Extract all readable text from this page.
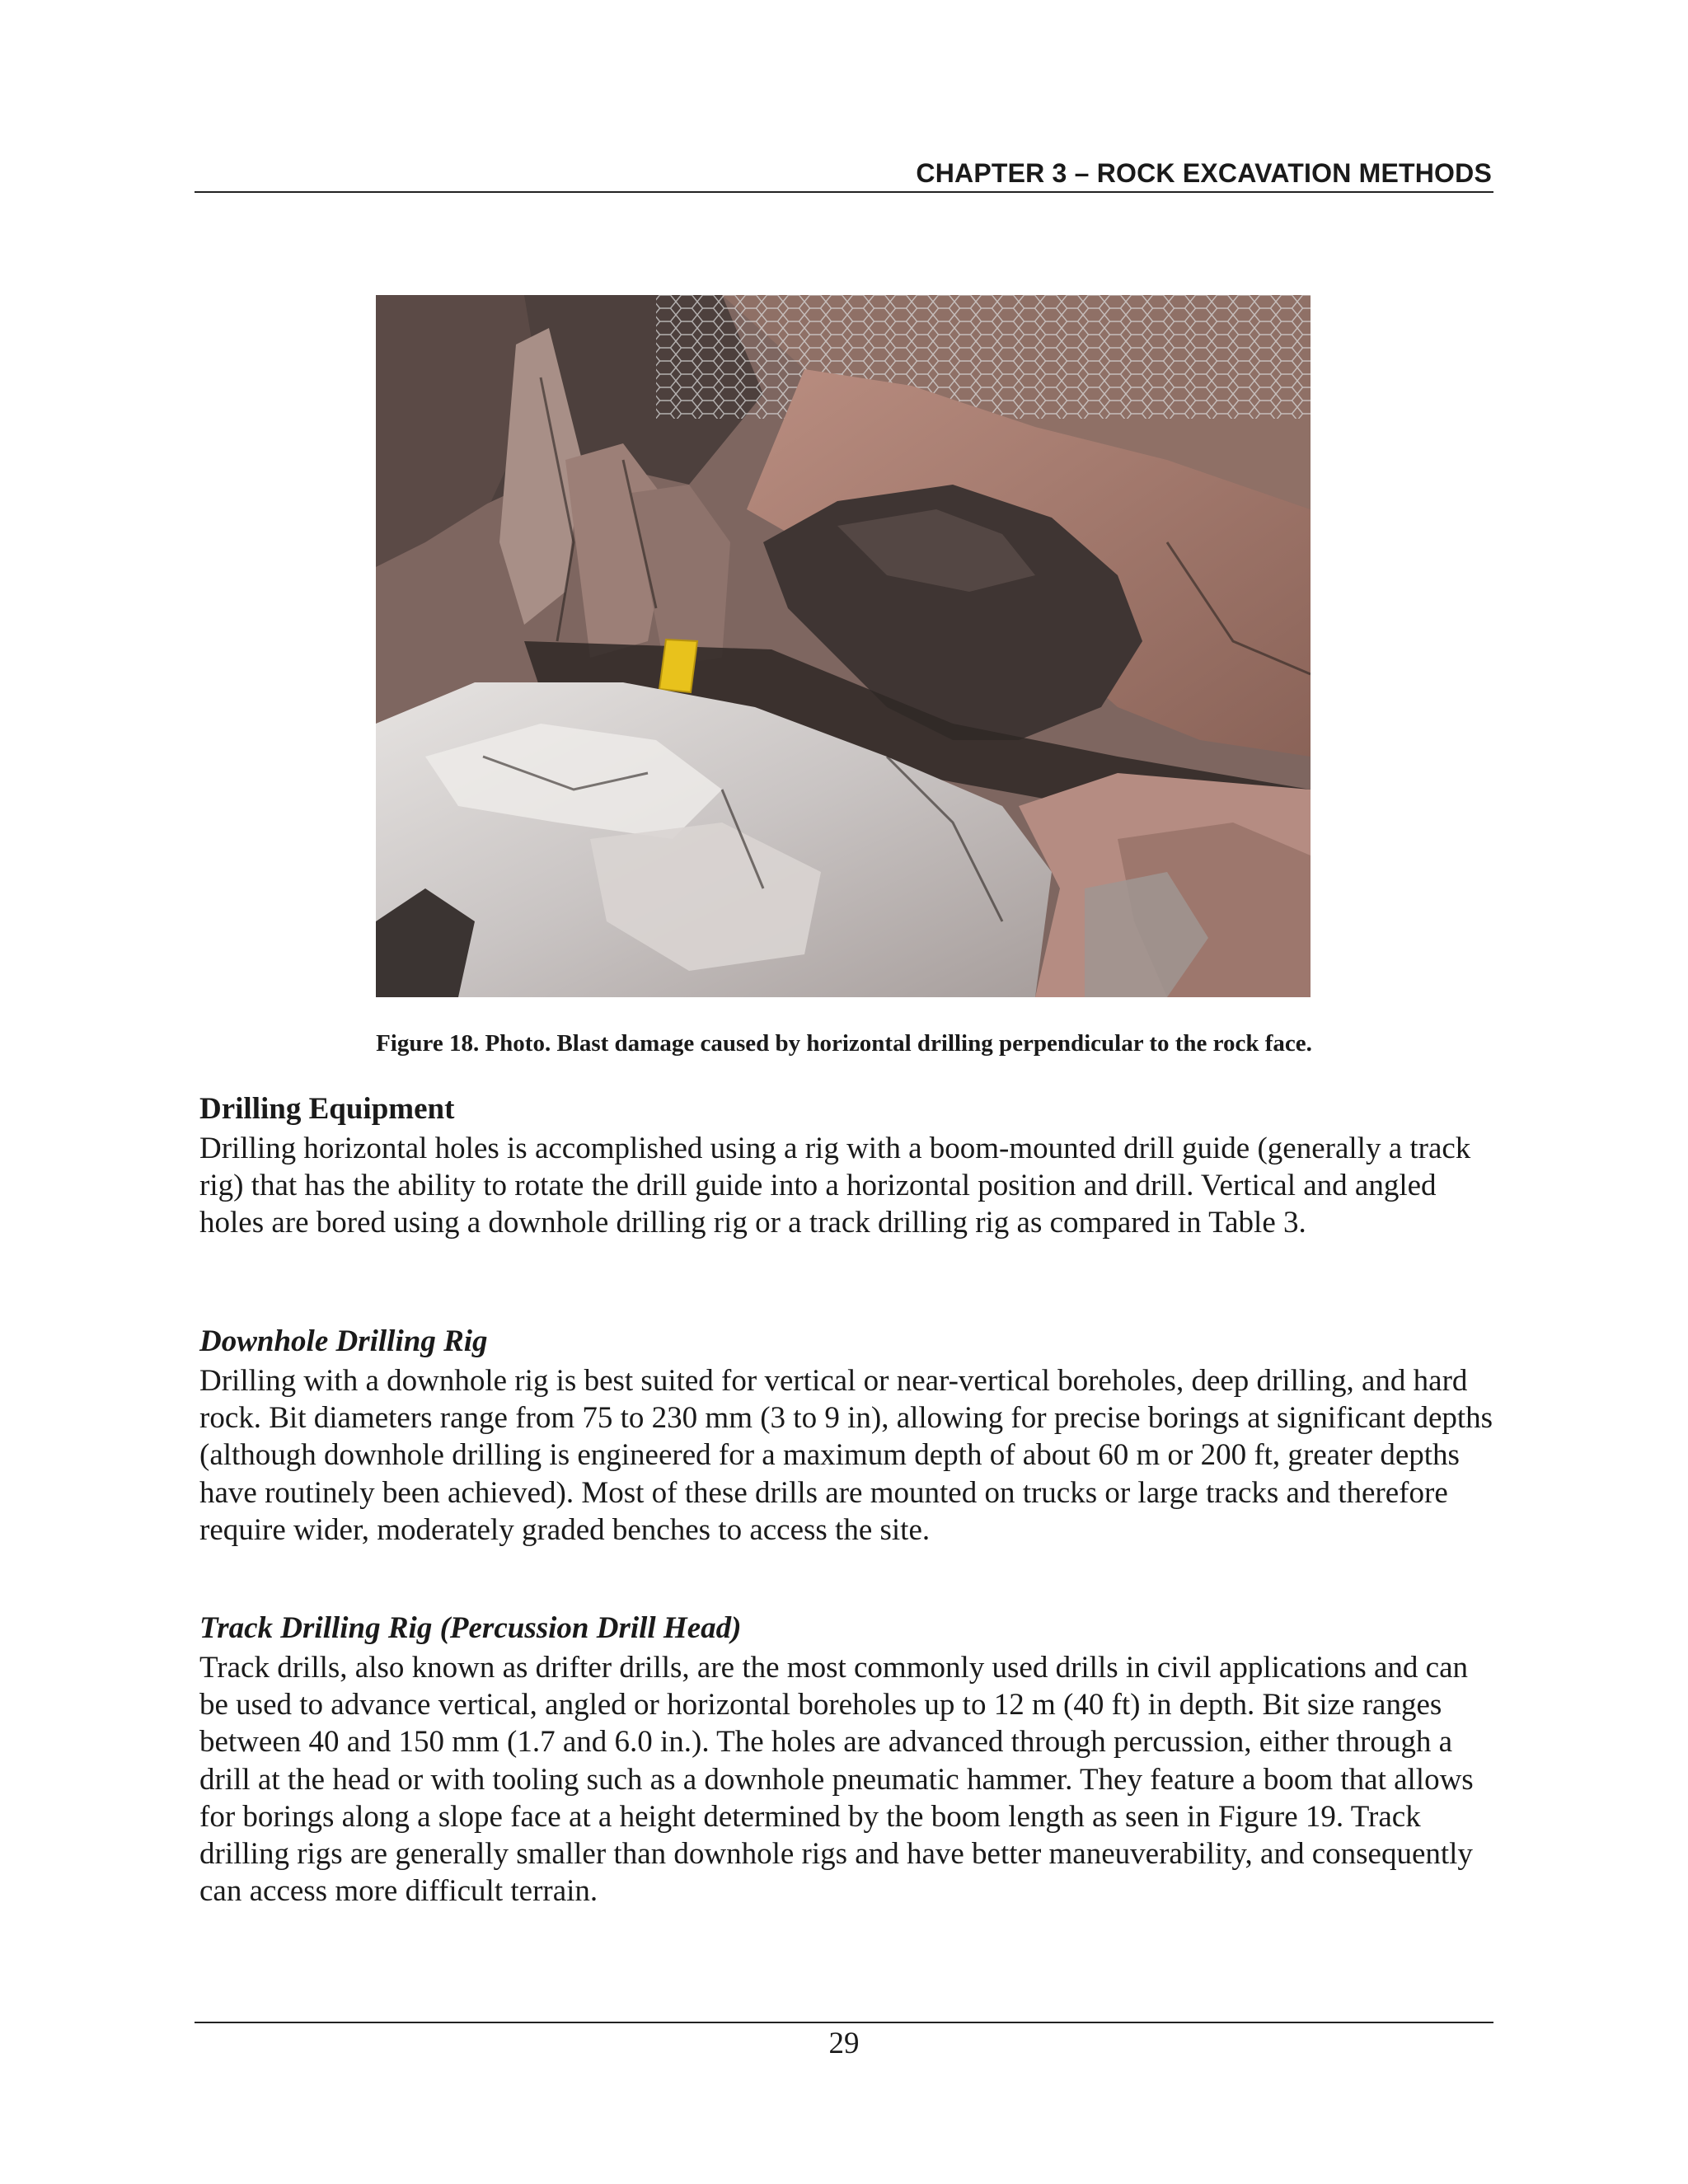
CHAPTER 3 – ROCK EXCAVATION METHODS
Figure 18. Photo. Blast damage caused by horizontal drilling perpendicular to the rock face.
Drilling Equipment

Drilling horizontal holes is accomplished using a rig with a boom-mounted drill guide (generally a track rig) that has the ability to rotate the drill guide into a horizontal position and drill. Vertical and angled holes are bored using a downhole drilling rig or a track drilling rig as compared in Table 3.

Downhole Drilling Rig

Drilling with a downhole rig is best suited for vertical or near-vertical boreholes, deep drilling, and hard rock. Bit diameters range from 75 to 230 mm (3 to 9 in), allowing for precise borings at significant depths (although downhole drilling is engineered for a maximum depth of about 60 m or 200 ft, greater depths have routinely been achieved). Most of these drills are mounted on trucks or large tracks and therefore require wider, moderately graded benches to access the site.

Track Drilling Rig (Percussion Drill Head)

Track drills, also known as drifter drills, are the most commonly used drills in civil applications and can be used to advance vertical, angled or horizontal boreholes up to 12 m (40 ft) in depth. Bit size ranges between 40 and 150 mm (1.7 and 6.0 in.). The holes are advanced through percussion, either through a drill at the head or with tooling such as a downhole pneumatic hammer. They feature a boom that allows for borings along a slope face at a height determined by the boom length as seen in Figure 19. Track drilling rigs are generally smaller than downhole rigs and have better maneuverability, and consequently can access more difficult terrain.

29
